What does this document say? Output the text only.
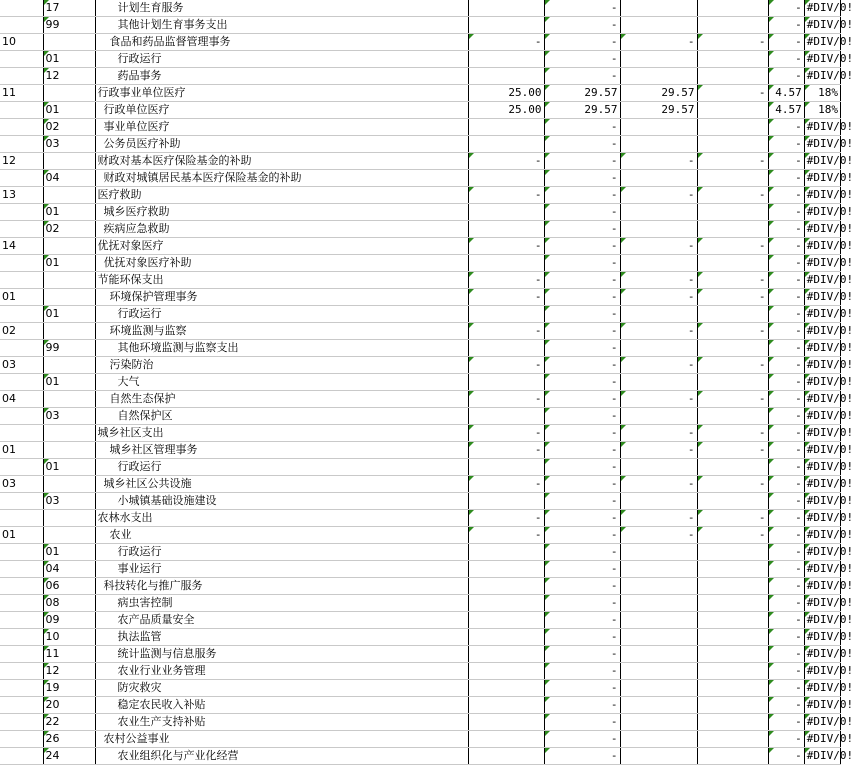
	17	计划生育服务		-			-	#DIV/0!
	99	其他计划生育事务支出		-			-	#DIV/0!
10		食品和药品监督管理事务	-	-	-	-	-	#DIV/0!
	01	行政运行		-			-	#DIV/0!
	12	药品事务		-			-	#DIV/0!
11		行政事业单位医疗	25.00	29.57	29.57	-	4.57	18%
	01	行政单位医疗	25.00	29.57	29.57		4.57	18%
	02	事业单位医疗		-			-	#DIV/0!
	03	公务员医疗补助		-			-	#DIV/0!
12		财政对基本医疗保险基金的补助	-	-	-	-	-	#DIV/0!
	04	财政对城镇居民基本医疗保险基金的补助		-			-	#DIV/0!
13		医疗救助	-	-	-	-	-	#DIV/0!
	01	城乡医疗救助		-			-	#DIV/0!
	02	疾病应急救助		-			-	#DIV/0!
14		优抚对象医疗	-	-	-	-	-	#DIV/0!
	01	优抚对象医疗补助		-			-	#DIV/0!
		节能环保支出	-	-	-	-	-	#DIV/0!
01		环境保护管理事务	-	-	-	-	-	#DIV/0!
	01	行政运行		-			-	#DIV/0!
02		环境监测与监察	-	-	-	-	-	#DIV/0!
	99	其他环境监测与监察支出		-			-	#DIV/0!
03		污染防治	-	-	-	-	-	#DIV/0!
	01	大气		-			-	#DIV/0!
04		自然生态保护	-	-	-	-	-	#DIV/0!
	03	自然保护区		-			-	#DIV/0!
		城乡社区支出	-	-	-	-	-	#DIV/0!
01		城乡社区管理事务	-	-	-	-	-	#DIV/0!
	01	行政运行		-			-	#DIV/0!
03		城乡社区公共设施	-	-	-	-	-	#DIV/0!
	03	小城镇基础设施建设		-			-	#DIV/0!
		农林水支出	-	-	-	-	-	#DIV/0!
01		农业	-	-	-	-	-	#DIV/0!
	01	行政运行		-			-	#DIV/0!
	04	事业运行		-			-	#DIV/0!
	06	科技转化与推广服务		-			-	#DIV/0!
	08	病虫害控制		-			-	#DIV/0!
	09	农产品质量安全		-			-	#DIV/0!
	10	执法监管		-			-	#DIV/0!
	11	统计监测与信息服务		-			-	#DIV/0!
	12	农业行业业务管理		-			-	#DIV/0!
	19	防灾救灾		-			-	#DIV/0!
	20	稳定农民收入补贴		-			-	#DIV/0!
	22	农业生产支持补贴		-			-	#DIV/0!
	26	农村公益事业		-			-	#DIV/0!
	24	农业组织化与产业化经营		-			-	#DIV/0!
